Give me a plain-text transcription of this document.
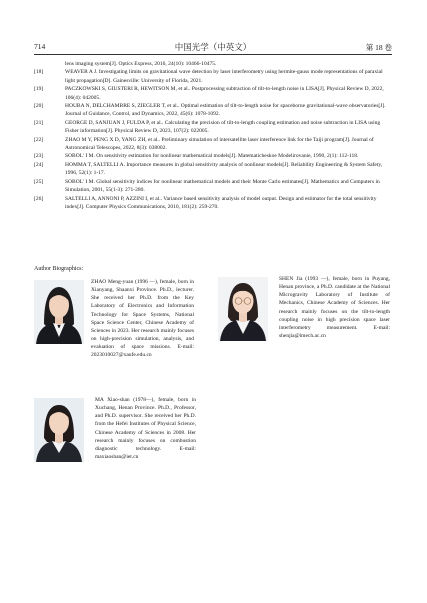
714	中国光学（中英文）	第 18 卷
lens imaging system[J]. Optics Express, 2016, 24(10): 10466-10475.
[18]	WEAVER A J. Investigating limits on gravitational wave detection by laser interferometry using hermite-gauss mode representations of paraxial light propagation[D]. Gainesville: University of Florida, 2021.
[19]	PACZKOWSKI S, GIUSTERI R, HEWITSON M, et al.. Postprocessing subtraction of tilt-to-length noise in LISA[J]. Physical Review D, 2022, 106(4): 042005.
[20]	HOUBA N, DELCHAMBRE S, ZIEGLER T, et al.. Optimal estimation of tilt-to-length noise for spaceborne gravitational-wave observatories[J]. Journal of Guidance, Control, and Dynamics, 2022, 45(6): 1078-1092.
[21]	GEORGE D, SANJUAN J, FULDA P, et al.. Calculating the precision of tilt-to-length coupling estimation and noise subtraction in LISA using Fisher information[J]. Physical Review D, 2023, 107(2): 022005.
[22]	ZHAO M Y, PENG X D, YANG ZH, et al.. Preliminary simulation of intersatellite laser interference link for the Taiji program[J]. Journal of Astronomical Telescopes, 2022, 8(3): 038002.
[23]	SOBOL' I M. On sensitivity estimation for nonlinear mathematical models[J]. Matematicheskoe Modelirovanie, 1990, 2(1): 112-118.
[24]	HOMMA T, SALTELLI A. Importance measures in global sensitivity analysis of nonlinear models[J]. Reliability Engineering & System Safety, 1996, 52(1): 1-17.
[25]	SOBOL' I M. Global sensitivity indices for nonlinear mathematical models and their Monte Carlo estimates[J]. Mathematics and Computers in Simulation, 2001, 55(1-3): 271-280.
[26]	SALTELLI A, ANNONI P, AZZINI I, et al.. Variance based sensitivity analysis of model output. Design and estimator for the total sensitivity index[J]. Computer Physics Communications, 2010, 181(2): 259-270.
Author Biographics:
ZHAO Meng-yuan (1996 —), female, born in Xianyang, Shaanxi Province. Ph.D., lecturer. She received her Ph.D. from the Key Laboratory of Electronics and Information Technology for Space Systems, National Space Science Center, Chinese Academy of Sciences in 2023. Her research mainly focuses on high-precision simulation, analysis, and evaluation of space missions. E-mail: 2023010027@xaufe.edu.cn
SHEN Jia (1993 —), female, born in Puyang, Henan province, a Ph.D. candidate at the National Microgravity Laboratory of Institute of Mechanics, Chinese Academy of Sciences. Her research mainly focuses on the tilt-to-length coupling noise in high precision space laser interferometry measurement. E-mail: shenjia@imech.ac.cn
MA Xiao-shan (1978—), female, born in Xuchang, Henan Province. Ph.D., Professor, and Ph.D. supervisor. She received her Ph.D. from the Hefei Institutes of Physical Science, Chinese Academy of Sciences in 2008. Her research mainly focuses on combustion diagnostic technology. E-mail: maxiaoshan@iet.cn
